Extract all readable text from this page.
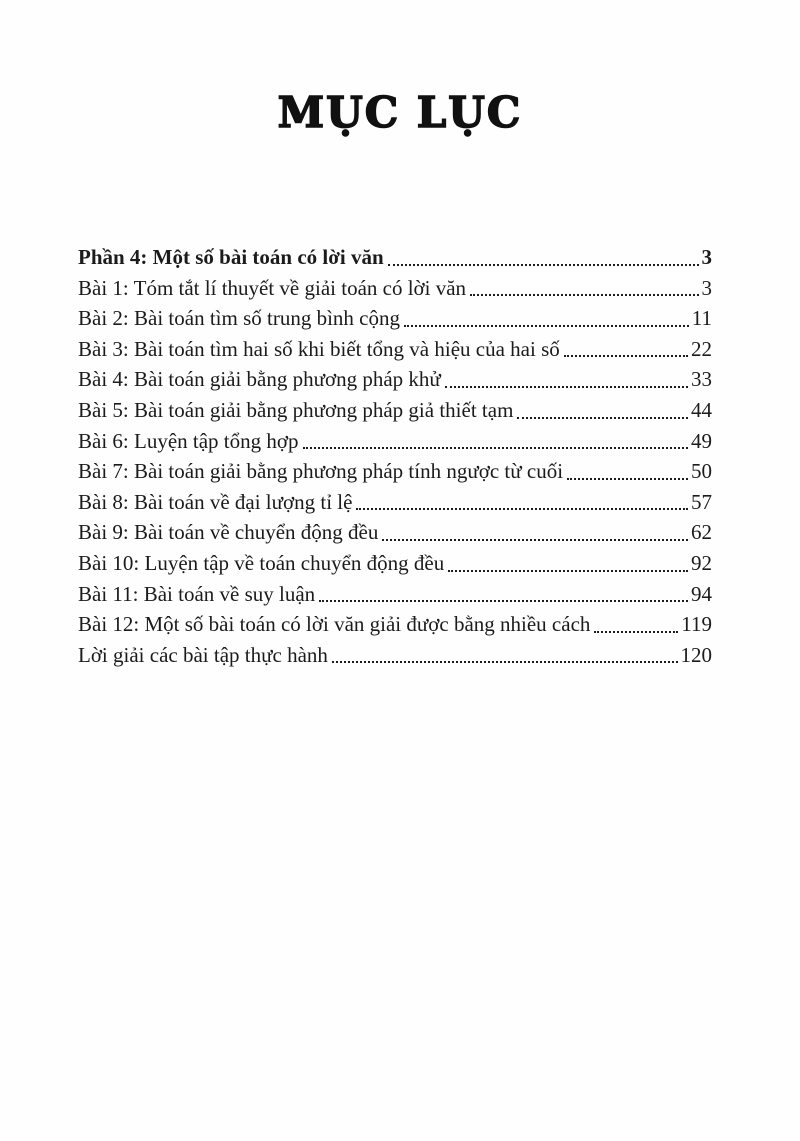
MỤC LỤC
Phần 4: Một số bài toán có lời văn	3
Bài 1: Tóm tắt lí thuyết về giải toán có lời văn	3
Bài 2: Bài toán tìm số trung bình cộng	11
Bài 3: Bài toán tìm hai số khi biết tổng và hiệu của hai số	22
Bài 4: Bài toán giải bằng phương pháp khử	33
Bài 5: Bài toán giải bằng phương pháp giả thiết tạm	44
Bài 6: Luyện tập tổng hợp	49
Bài 7: Bài toán giải bằng phương pháp tính ngược từ cuối	50
Bài 8: Bài toán về đại lượng tỉ lệ	57
Bài 9: Bài toán về chuyển động đều	62
Bài 10: Luyện tập về toán chuyển động đều	92
Bài 11: Bài toán về suy luận	94
Bài 12: Một số bài toán có lời văn giải được bằng nhiều cách	119
Lời giải các bài tập thực hành	120
